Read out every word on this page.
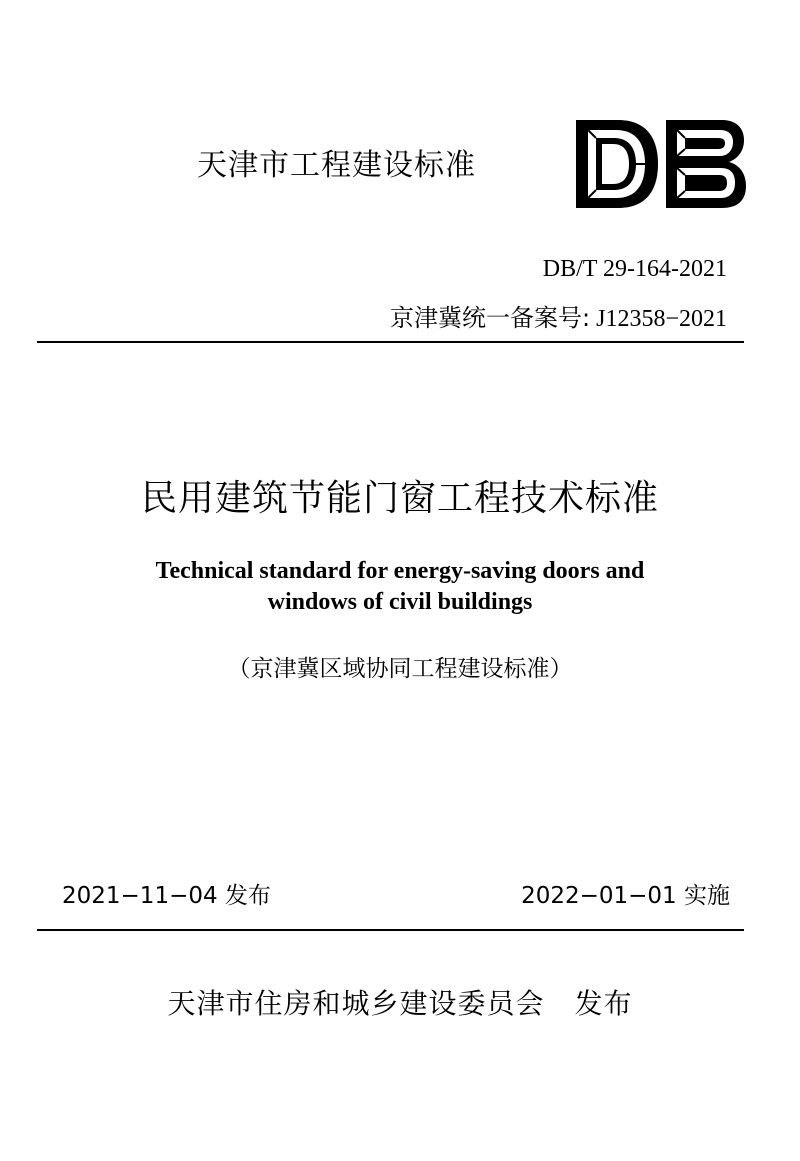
天津市工程建设标准
DB/T 29-164-2021
京津冀统一备案号: J12358−2021
民用建筑节能门窗工程技术标准
Technical standard for energy-saving doors and
windows of civil buildings
（京津冀区域协同工程建设标准）
2021−11−04 发布	2022−01−01 实施
天津市住房和城乡建设委员会 发布
